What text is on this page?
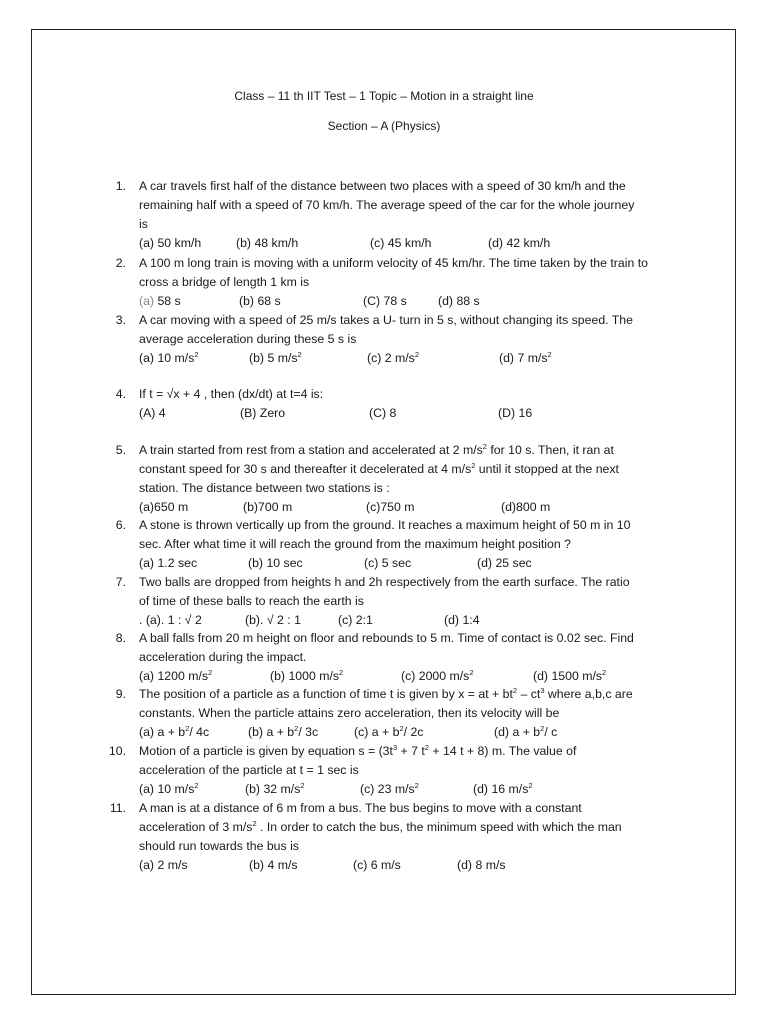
Class – 11 th IIT Test – 1 Topic – Motion in a straight line
Section – A (Physics)
1. A car travels first half of the distance between two places with a speed of 30 km/h and the
remaining half with a speed of 70 km/h. The average speed of the car for the whole journey
is
(a) 50 km/h	(b) 48 km/h	(c) 45 km/h	(d) 42 km/h
2. A 100 m long train is moving with a uniform velocity of 45 km/hr. The time taken by the train to
cross a bridge of length 1 km is
(a) 58 s	(b) 68 s	(C) 78 s	(d) 88 s
3. A car moving with a speed of 25 m/s takes a U- turn in 5 s, without changing its speed. The
average acceleration during these 5 s is
(a) 10 $m/s^2$	(b) 5 $m/s^2$	(c) 2 $m/s^2$	(d) 7 $m/s^2$
4. If t = √x + 4 , then (dx/dt) at t=4 is:
(A) 4	(B) Zero	(C) 8	(D) 16
5. A train started from rest from a station and accelerated at 2 $m/s^2$ for 10 s. Then, it ran at
constant speed for 30 s and thereafter it decelerated at 4 $m/s^2$ until it stopped at the next
station. The distance between two stations is :
(a)650 m	(b)700 m	(c)750 m	(d)800 m
6. A stone is thrown vertically up from the ground. It reaches a maximum height of 50 m in 10
sec. After what time it will reach the ground from the maximum height position ?
(a) 1.2 sec	(b) 10 sec	(c) 5 sec	(d) 25 sec
7. Two balls are dropped from heights h and 2h respectively from the earth surface. The ratio
of time of these balls to reach the earth is
. (a). 1 : √ 2	(b). √ 2 : 1	(c) 2:1	(d) 1:4
8. A ball falls from 20 m height on floor and rebounds to 5 m. Time of contact is 0.02 sec. Find
acceleration during the impact.
(a) 1200 $m/s^2$	(b) 1000 $m/s^2$	(c) 2000 $m/s^2$	(d) 1500 $m/s^2$
9. The position of a particle as a function of time t is given by x = at + $bt^2 - ct^3$ where a,b,c are
constants. When the particle attains zero acceleration, then its velocity will be
(a) $a + b^2/$ 4c	(b) $a + b^2/$ 3c	(c) $a + b^2/$ 2c	(d) $a + b^2/$ c
10. Motion of a particle is given by equation $s = (3t^3 + 7$ $t^2 + 14$ t + 8) m. The value of
acceleration of the particle at t = 1 sec is
(a) 10 $m/s^2$	(b) 32 $m/s^2$	(c) 23 $m/s^2$	(d) 16 $m/s^2$
11. A man is at a distance of 6 m from a bus. The bus begins to move with a constant
acceleration of 3 $m/s^2$ . In order to catch the bus, the minimum speed with which the man
should run towards the bus is
(a) 2 m/s	(b) 4 m/s	(c) 6 m/s	(d) 8 m/s
